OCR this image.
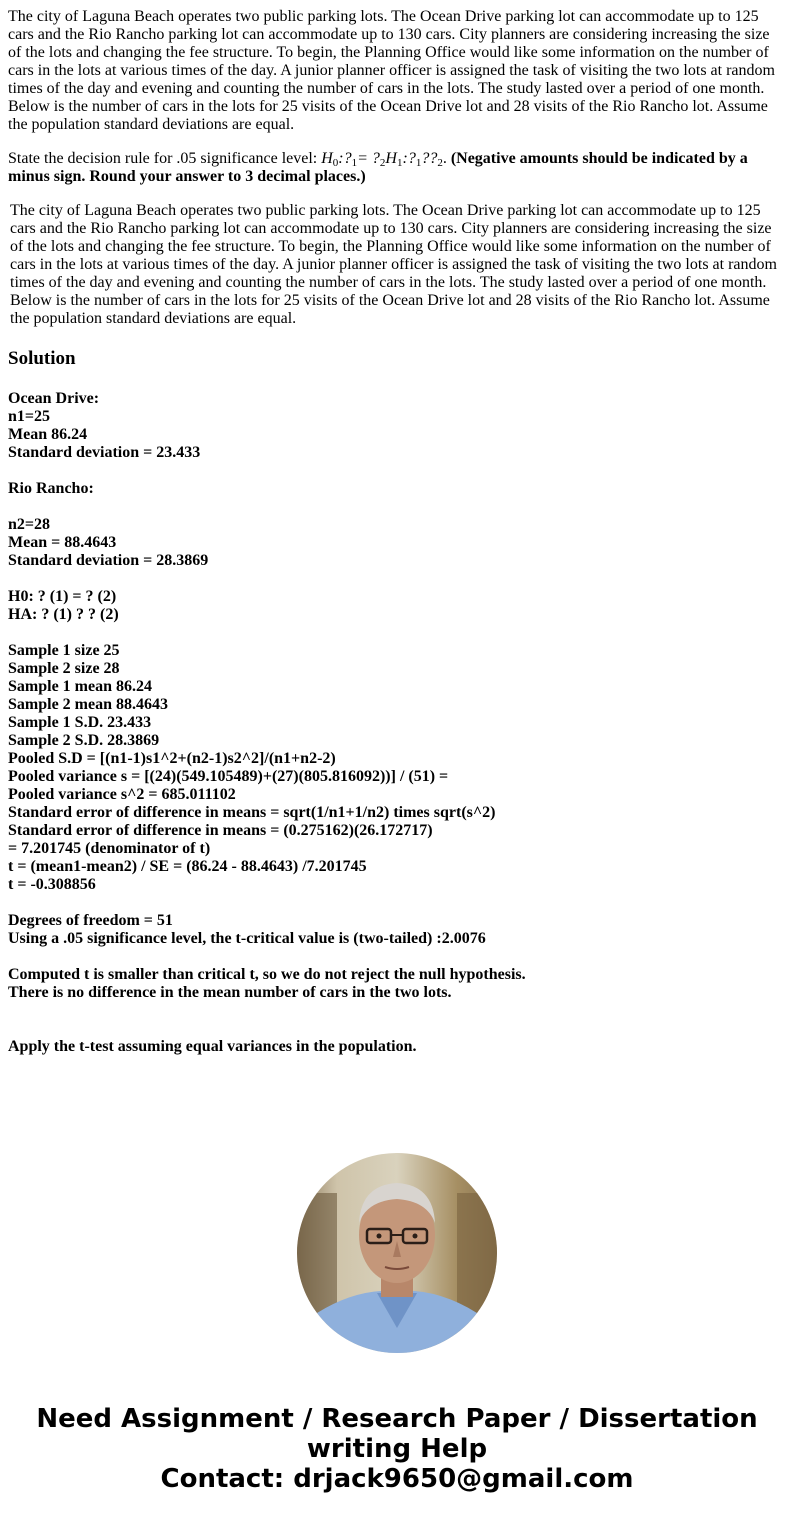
The city of Laguna Beach operates two public parking lots. The Ocean Drive parking lot can accommodate up to 125 cars and the Rio Rancho parking lot can accommodate up to 130 cars. City planners are considering increasing the size of the lots and changing the fee structure. To begin, the Planning Office would like some information on the number of cars in the lots at various times of the day. A junior planner officer is assigned the task of visiting the two lots at random times of the day and evening and counting the number of cars in the lots. The study lasted over a period of one month. Below is the number of cars in the lots for 25 visits of the Ocean Drive lot and 28 visits of the Rio Rancho lot. Assume the population standard deviations are equal.

State the decision rule for .05 significance level: $H_0:?_1=$ $?_2H_1:?_1??_2$. (Negative amounts should be indicated by a minus sign. Round your answer to 3 decimal places.)

The city of Laguna Beach operates two public parking lots. The Ocean Drive parking lot can accommodate up to 125 cars and the Rio Rancho parking lot can accommodate up to 130 cars. City planners are considering increasing the size of the lots and changing the fee structure. To begin, the Planning Office would like some information on the number of cars in the lots at various times of the day. A junior planner officer is assigned the task of visiting the two lots at random times of the day and evening and counting the number of cars in the lots. The study lasted over a period of one month. Below is the number of cars in the lots for 25 visits of the Ocean Drive lot and 28 visits of the Rio Rancho lot. Assume the population standard deviations are equal.

Solution
Ocean Drive:
n1=25
Mean 86.24
Standard deviation = 23.433
Rio Rancho:
n2=28
Mean = 88.4643
Standard deviation = 28.3869
H0: ? (1) = ? (2)
HA: ? (1) ? ? (2)
Sample 1 size 25
Sample 2 size 28
Sample 1 mean 86.24
Sample 2 mean 88.4643
Sample 1 S.D. 23.433
Sample 2 S.D. 28.3869
Pooled S.D = [(n1-1)s1^2+(n2-1)s2^2]/(n1+n2-2)
Pooled variance s = [(24)(549.105489)+(27)(805.816092))] / (51) =
Pooled variance s^2 = 685.011102
Standard error of difference in means = sqrt(1/n1+1/n2) times sqrt(s^2)
Standard error of difference in means = (0.275162)(26.172717)
= 7.201745 (denominator of t)
t = (mean1-mean2) / SE = (86.24 - 88.4643) /7.201745
t = -0.308856
Degrees of freedom = 51
Using a .05 significance level, the t-critical value is (two-tailed) :2.0076
Computed t is smaller than critical t, so we do not reject the null hypothesis.
There is no difference in the mean number of cars in the two lots.
Apply the t-test assuming equal variances in the population.
Need Assignment / Research Paper / Dissertation
writing Help
Contact: drjack9650@gmail.com
